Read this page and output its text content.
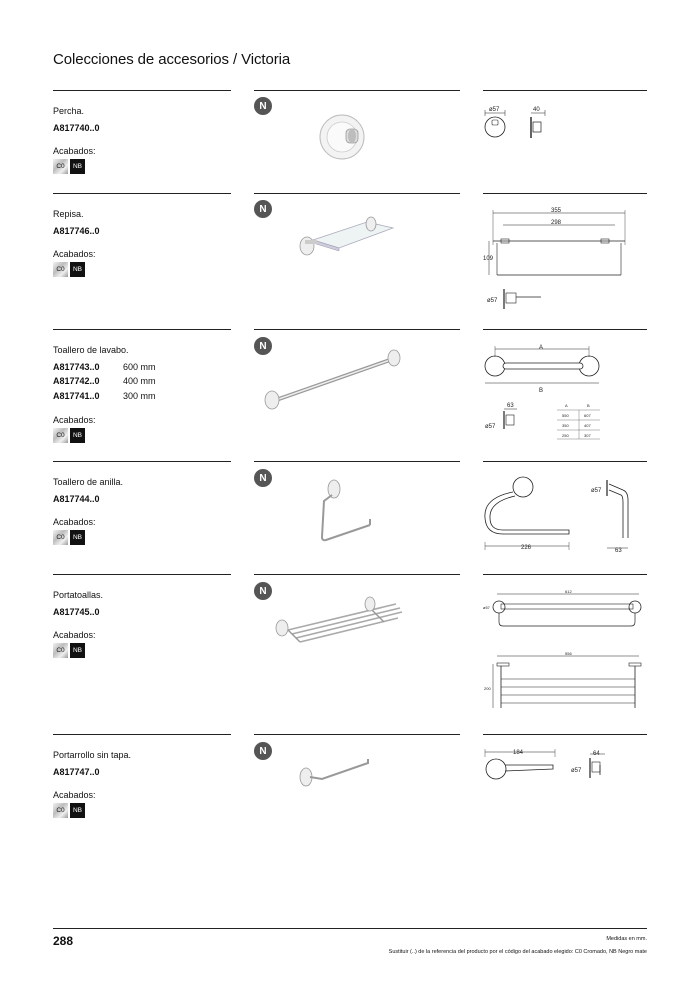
Colecciones de accesorios / Victoria
Percha.
A817740..0
Acabados:
C0	NB
N	ø57	40
Repisa.
A817746..0
Acabados:
C0	NB
N	355
298
109
ø57
Toallero de lavabo.
A817743..0	600 mm
A817742..0	400 mm
A817741..0	300 mm
Acabados:
C0	NB
N	A
B
63
ø57
A	B
550	607
350	407
250	307
Toallero de anilla.
A817744..0
Acabados:
C0	NB
N
226
ø57
63
Portatoallas.
A817745..0
Acabados:
C0	NB
N	612
ø57
556
200
Portarrollo sin tapa.
A817747..0
Acabados:
C0	NB
N	184	64
ø57
288	Medidas en mm.
Sustituir (..) de la referencia del producto por el código del acabado elegido: C0 Cromado, NB Negro mate
